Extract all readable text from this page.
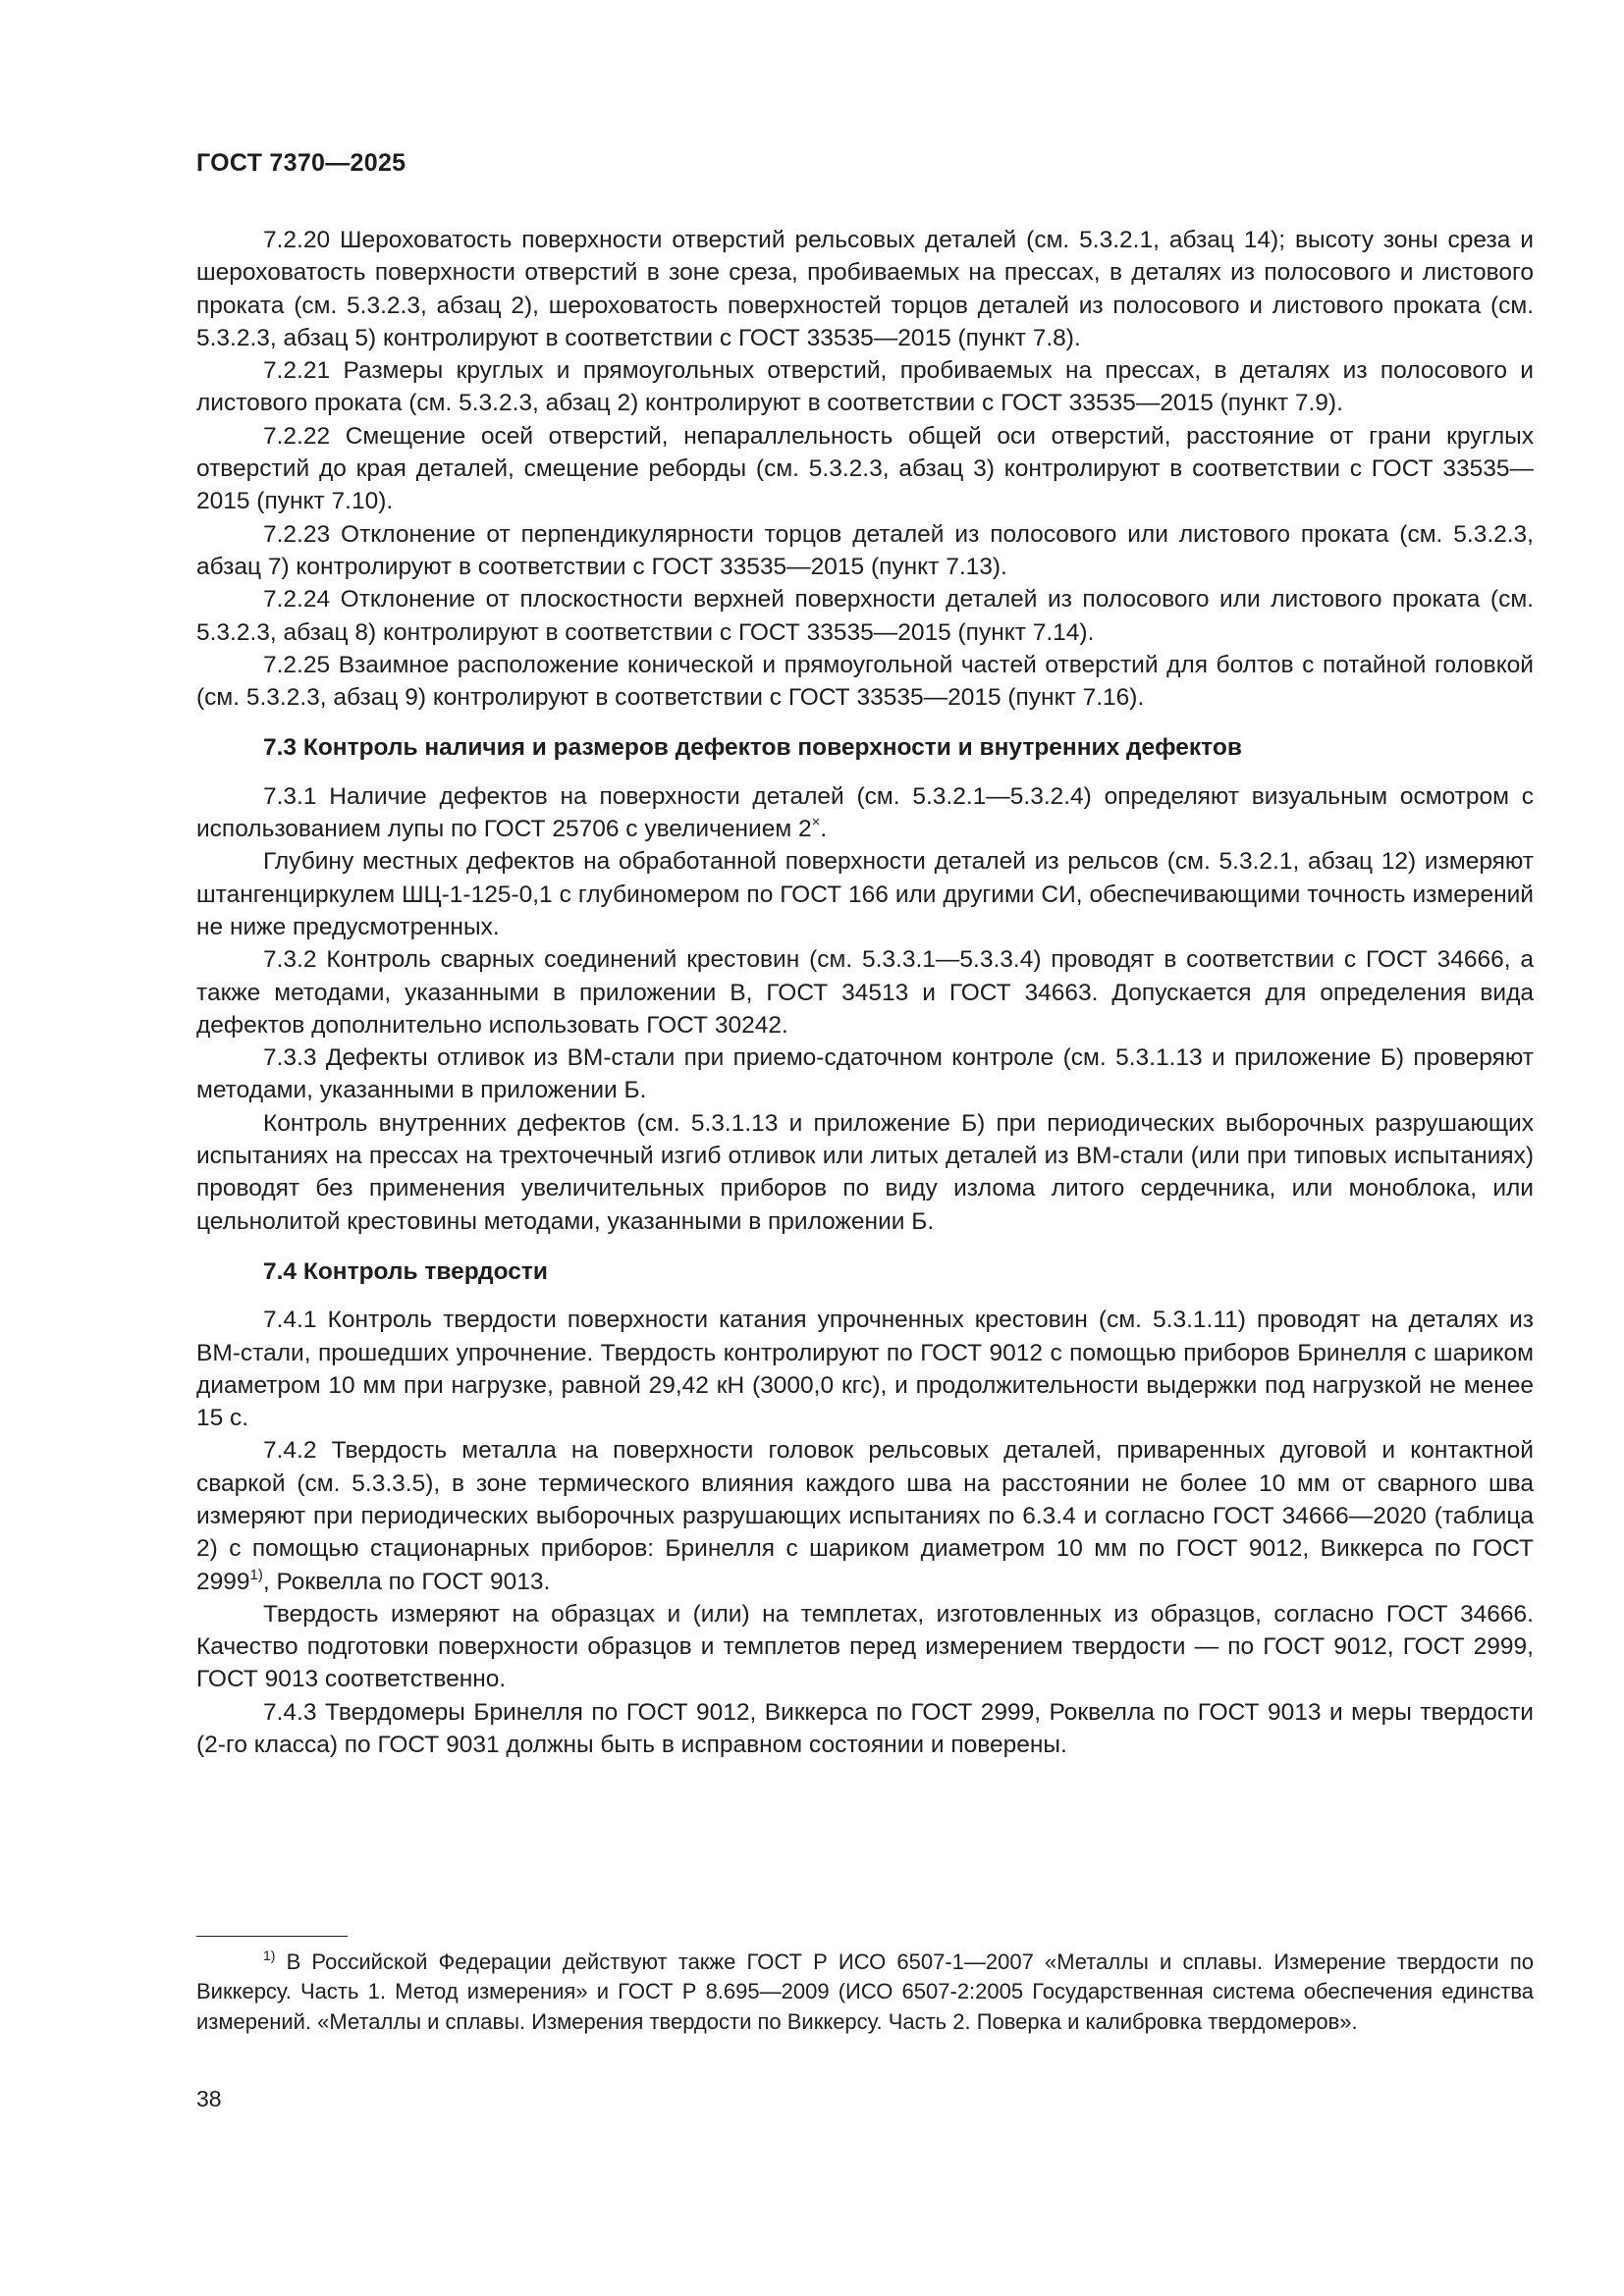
ГОСТ 7370—2025

7.2.20 Шероховатость поверхности отверстий рельсовых деталей (см. 5.3.2.1, абзац 14); высоту зоны среза и шероховатость поверхности отверстий в зоне среза, пробиваемых на прессах, в деталях из полосового и листового проката (см. 5.3.2.3, абзац 2), шероховатость поверхностей торцов деталей из полосового и листового проката (см. 5.3.2.3, абзац 5) контролируют в соответствии с ГОСТ 33535—2015 (пункт 7.8).

7.2.21 Размеры круглых и прямоугольных отверстий, пробиваемых на прессах, в деталях из полосового и листового проката (см. 5.3.2.3, абзац 2) контролируют в соответствии с ГОСТ 33535—2015 (пункт 7.9).

7.2.22 Смещение осей отверстий, непараллельность общей оси отверстий, расстояние от грани круглых отверстий до края деталей, смещение реборды (см. 5.3.2.3, абзац 3) контролируют в соответствии с ГОСТ 33535—2015 (пункт 7.10).

7.2.23 Отклонение от перпендикулярности торцов деталей из полосового или листового проката (см. 5.3.2.3, абзац 7) контролируют в соответствии с ГОСТ 33535—2015 (пункт 7.13).

7.2.24 Отклонение от плоскостности верхней поверхности деталей из полосового или листового проката (см. 5.3.2.3, абзац 8) контролируют в соответствии с ГОСТ 33535—2015 (пункт 7.14).

7.2.25 Взаимное расположение конической и прямоугольной частей отверстий для болтов с потайной головкой (см. 5.3.2.3, абзац 9) контролируют в соответствии с ГОСТ 33535—2015 (пункт 7.16).

7.3 Контроль наличия и размеров дефектов поверхности и внутренних дефектов

7.3.1 Наличие дефектов на поверхности деталей (см. 5.3.2.1—5.3.2.4) определяют визуальным осмотром с использованием лупы по ГОСТ 25706 с увеличением 2×.

Глубину местных дефектов на обработанной поверхности деталей из рельсов (см. 5.3.2.1, абзац 12) измеряют штангенциркулем ШЦ-1-125-0,1 с глубиномером по ГОСТ 166 или другими СИ, обеспечивающими точность измерений не ниже предусмотренных.

7.3.2 Контроль сварных соединений крестовин (см. 5.3.3.1—5.3.3.4) проводят в соответствии с ГОСТ 34666, а также методами, указанными в приложении В, ГОСТ 34513 и ГОСТ 34663. Допускается для определения вида дефектов дополнительно использовать ГОСТ 30242.

7.3.3 Дефекты отливок из ВМ-стали при приемо-сдаточном контроле (см. 5.3.1.13 и приложение Б) проверяют методами, указанными в приложении Б.

Контроль внутренних дефектов (см. 5.3.1.13 и приложение Б) при периодических выборочных разрушающих испытаниях на прессах на трехточечный изгиб отливок или литых деталей из ВМ-стали (или при типовых испытаниях) проводят без применения увеличительных приборов по виду излома литого сердечника, или моноблока, или цельнолитой крестовины методами, указанными в приложении Б.

7.4 Контроль твердости

7.4.1 Контроль твердости поверхности катания упрочненных крестовин (см. 5.3.1.11) проводят на деталях из ВМ-стали, прошедших упрочнение. Твердость контролируют по ГОСТ 9012 с помощью приборов Бринелля с шариком диаметром 10 мм при нагрузке, равной 29,42 кН (3000,0 кгс), и продолжительности выдержки под нагрузкой не менее 15 с.

7.4.2 Твердость металла на поверхности головок рельсовых деталей, приваренных дуговой и контактной сваркой (см. 5.3.3.5), в зоне термического влияния каждого шва на расстоянии не более 10 мм от сварного шва измеряют при периодических выборочных разрушающих испытаниях по 6.3.4 и согласно ГОСТ 34666—2020 (таблица 2) с помощью стационарных приборов: Бринелля с шариком диаметром 10 мм по ГОСТ 9012, Виккерса по ГОСТ 2999$^{1)}$, Роквелла по ГОСТ 9013.

Твердость измеряют на образцах и (или) на темплетах, изготовленных из образцов, согласно ГОСТ 34666. Качество подготовки поверхности образцов и темплетов перед измерением твердости — по ГОСТ 9012, ГОСТ 2999, ГОСТ 9013 соответственно.

7.4.3 Твердомеры Бринелля по ГОСТ 9012, Виккерса по ГОСТ 2999, Роквелла по ГОСТ 9013 и меры твердости (2-го класса) по ГОСТ 9031 должны быть в исправном состоянии и поверены.

$^{1)}$ В Российской Федерации действуют также ГОСТ Р ИСО 6507-1—2007 «Металлы и сплавы. Измерение твердости по Виккерсу. Часть 1. Метод измерения» и ГОСТ Р 8.695—2009 (ИСО 6507-2:2005 Государственная система обеспечения единства измерений. «Металлы и сплавы. Измерения твердости по Виккерсу. Часть 2. Поверка и калибровка твердомеров».
38
